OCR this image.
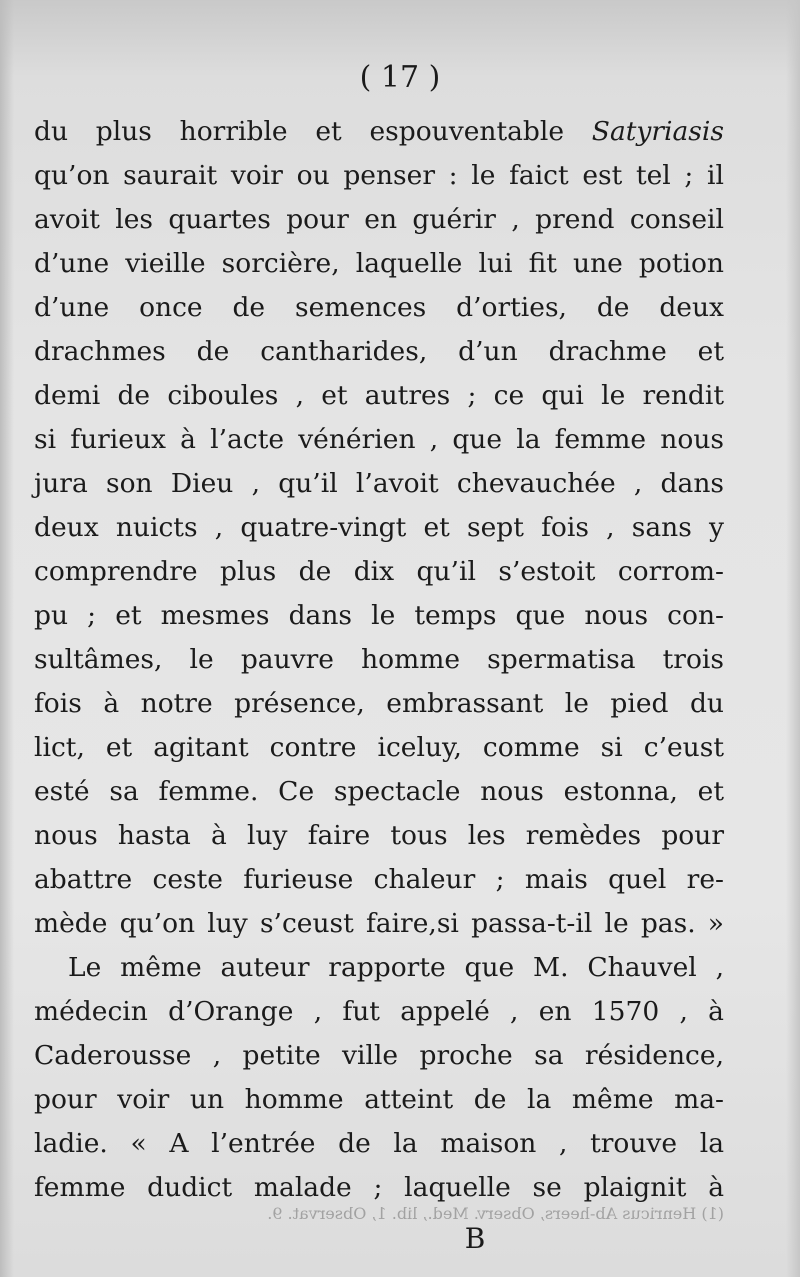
( 17 )
du plus horrible et espouventable Satyriasis
qu’on saurait voir ou penser : le faict est tel ; il
avoit les quartes pour en guérir , prend conseil
d’une vieille sorcière, laquelle lui fit une potion
d’une once de semences d’orties, de deux
drachmes de cantharides, d’un drachme et
demi de ciboules , et autres ; ce qui le rendit
si furieux à l’acte vénérien , que la femme nous
jura son Dieu , qu’il l’avoit chevauchée , dans
deux nuicts , quatre-vingt et sept fois , sans y
comprendre plus de dix qu’il s’estoit corrom-
pu ; et mesmes dans le temps que nous con-
sultâmes, le pauvre homme spermatisa trois
fois à notre présence, embrassant le pied du
lict, et agitant contre iceluy, comme si c’eust
esté sa femme. Ce spectacle nous estonna, et
nous hasta à luy faire tous les remèdes pour
abattre ceste furieuse chaleur ; mais quel re-
mède qu’on luy s’ceust faire,si passa-t-il le pas. »
Le même auteur rapporte que M. Chauvel ,
médecin d’Orange , fut appelé , en 1570 , à
Caderousse , petite ville proche sa résidence,
pour voir un homme atteint de la même ma-
ladie. « A l’entrée de la maison , trouve la
femme dudict malade ; laquelle se plaignit à
(1) Henricus Ab-heers, Observ. Med., lib. 1, Observat. 9.
B
